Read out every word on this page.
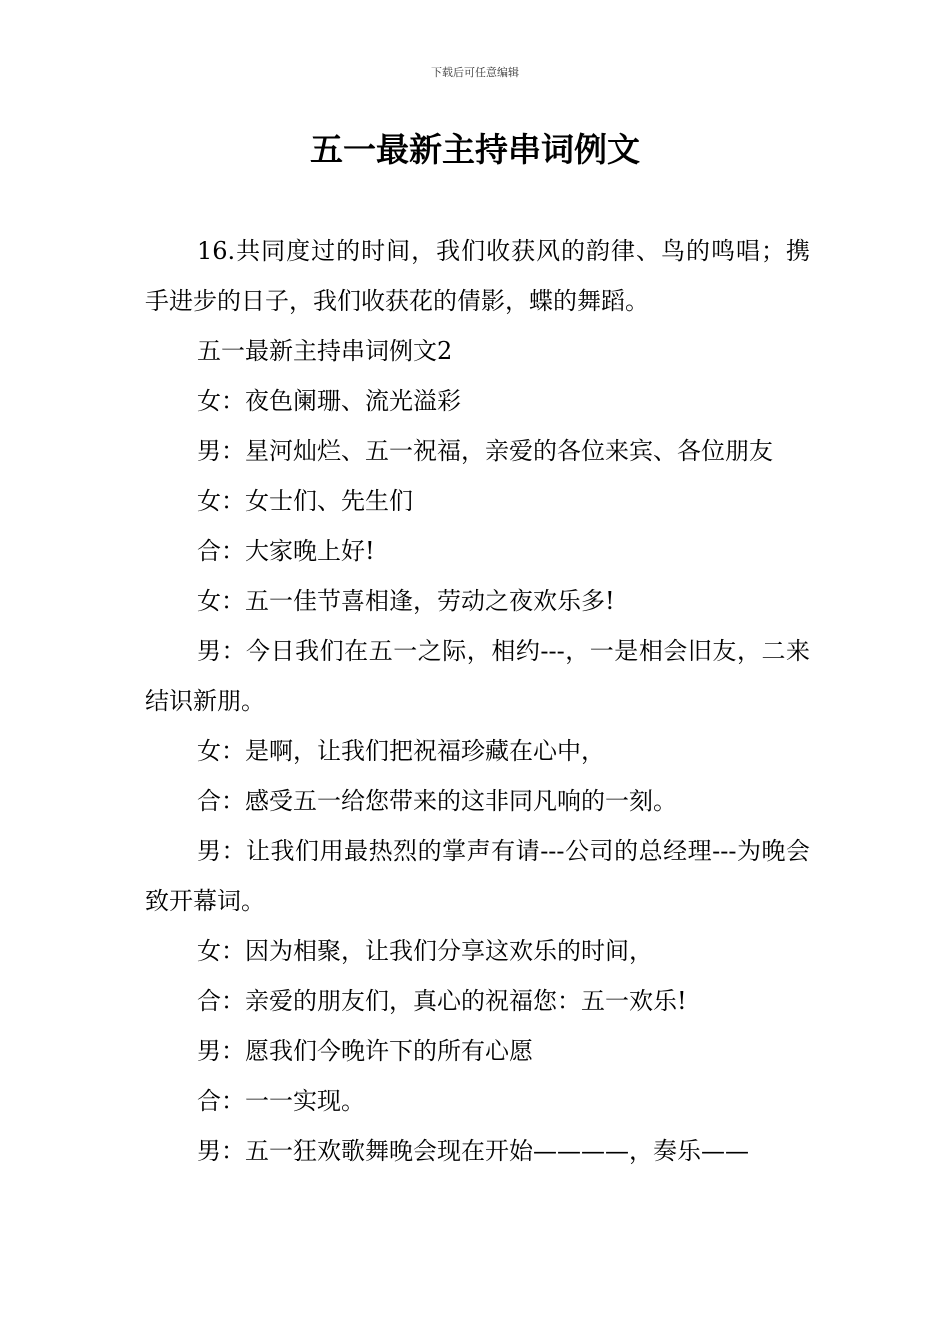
下载后可任意编辑
五一最新主持串词例文

16.共同度过的时间，我们收获风的韵律、鸟的鸣唱；携手进步的日子，我们收获花的倩影，蝶的舞蹈。

五一最新主持串词例文2

女：夜色阑珊、流光溢彩

男：星河灿烂、五一祝福，亲爱的各位来宾、各位朋友

女：女士们、先生们

合：大家晚上好!

女：五一佳节喜相逢，劳动之夜欢乐多!

男：今日我们在五一之际，相约---，一是相会旧友，二来结识新朋。

女：是啊，让我们把祝福珍藏在心中，

合：感受五一给您带来的这非同凡响的一刻。

男：让我们用最热烈的掌声有请---公司的总经理---为晚会致开幕词。

女：因为相聚，让我们分享这欢乐的时间，

合：亲爱的朋友们，真心的祝福您：五一欢乐!

男：愿我们今晚许下的所有心愿

合：一一实现。

男：五一狂欢歌舞晚会现在开始————，奏乐——
